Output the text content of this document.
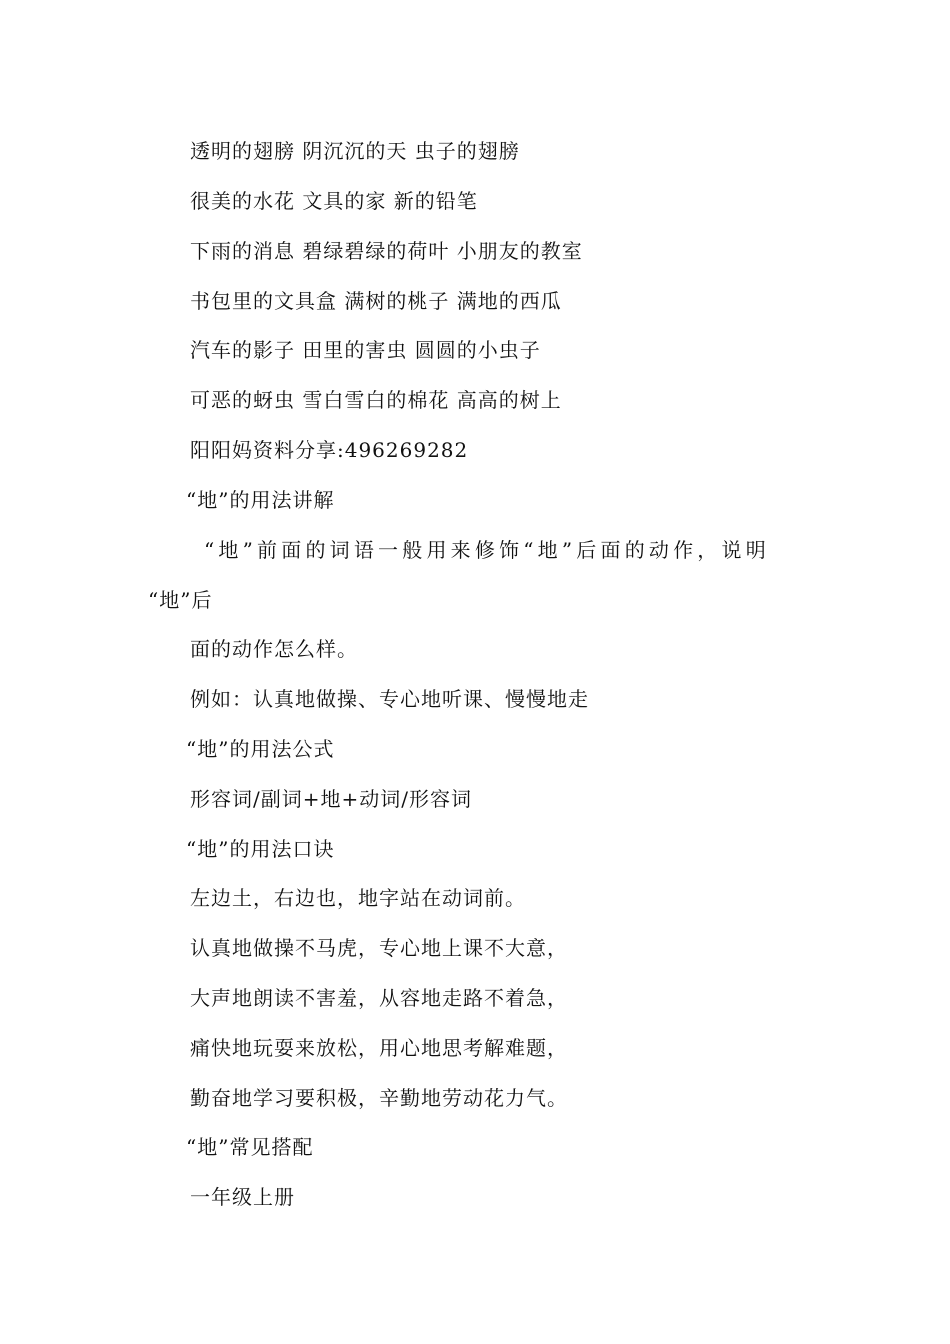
透明的翅膀 阴沉沉的天 虫子的翅膀
很美的水花 文具的家 新的铅笔
下雨的消息 碧绿碧绿的荷叶 小朋友的教室
书包里的文具盒 满树的桃子 满地的西瓜
汽车的影子 田里的害虫 圆圆的小虫子
可恶的蚜虫 雪白雪白的棉花 高高的树上
阳阳妈资料分享:496269282
“地”的用法讲解
“地”前面的词语一般用来修饰“地”后面的动作，说明
“地”后
面的动作怎么样。
例如：认真地做操、专心地听课、慢慢地走
“地”的用法公式
形容词/副词+地+动词/形容词
“地”的用法口诀
左边土，右边也，地字站在动词前。
认真地做操不马虎，专心地上课不大意，
大声地朗读不害羞，从容地走路不着急，
痛快地玩耍来放松，用心地思考解难题，
勤奋地学习要积极，辛勤地劳动花力气。
“地”常见搭配
一年级上册
